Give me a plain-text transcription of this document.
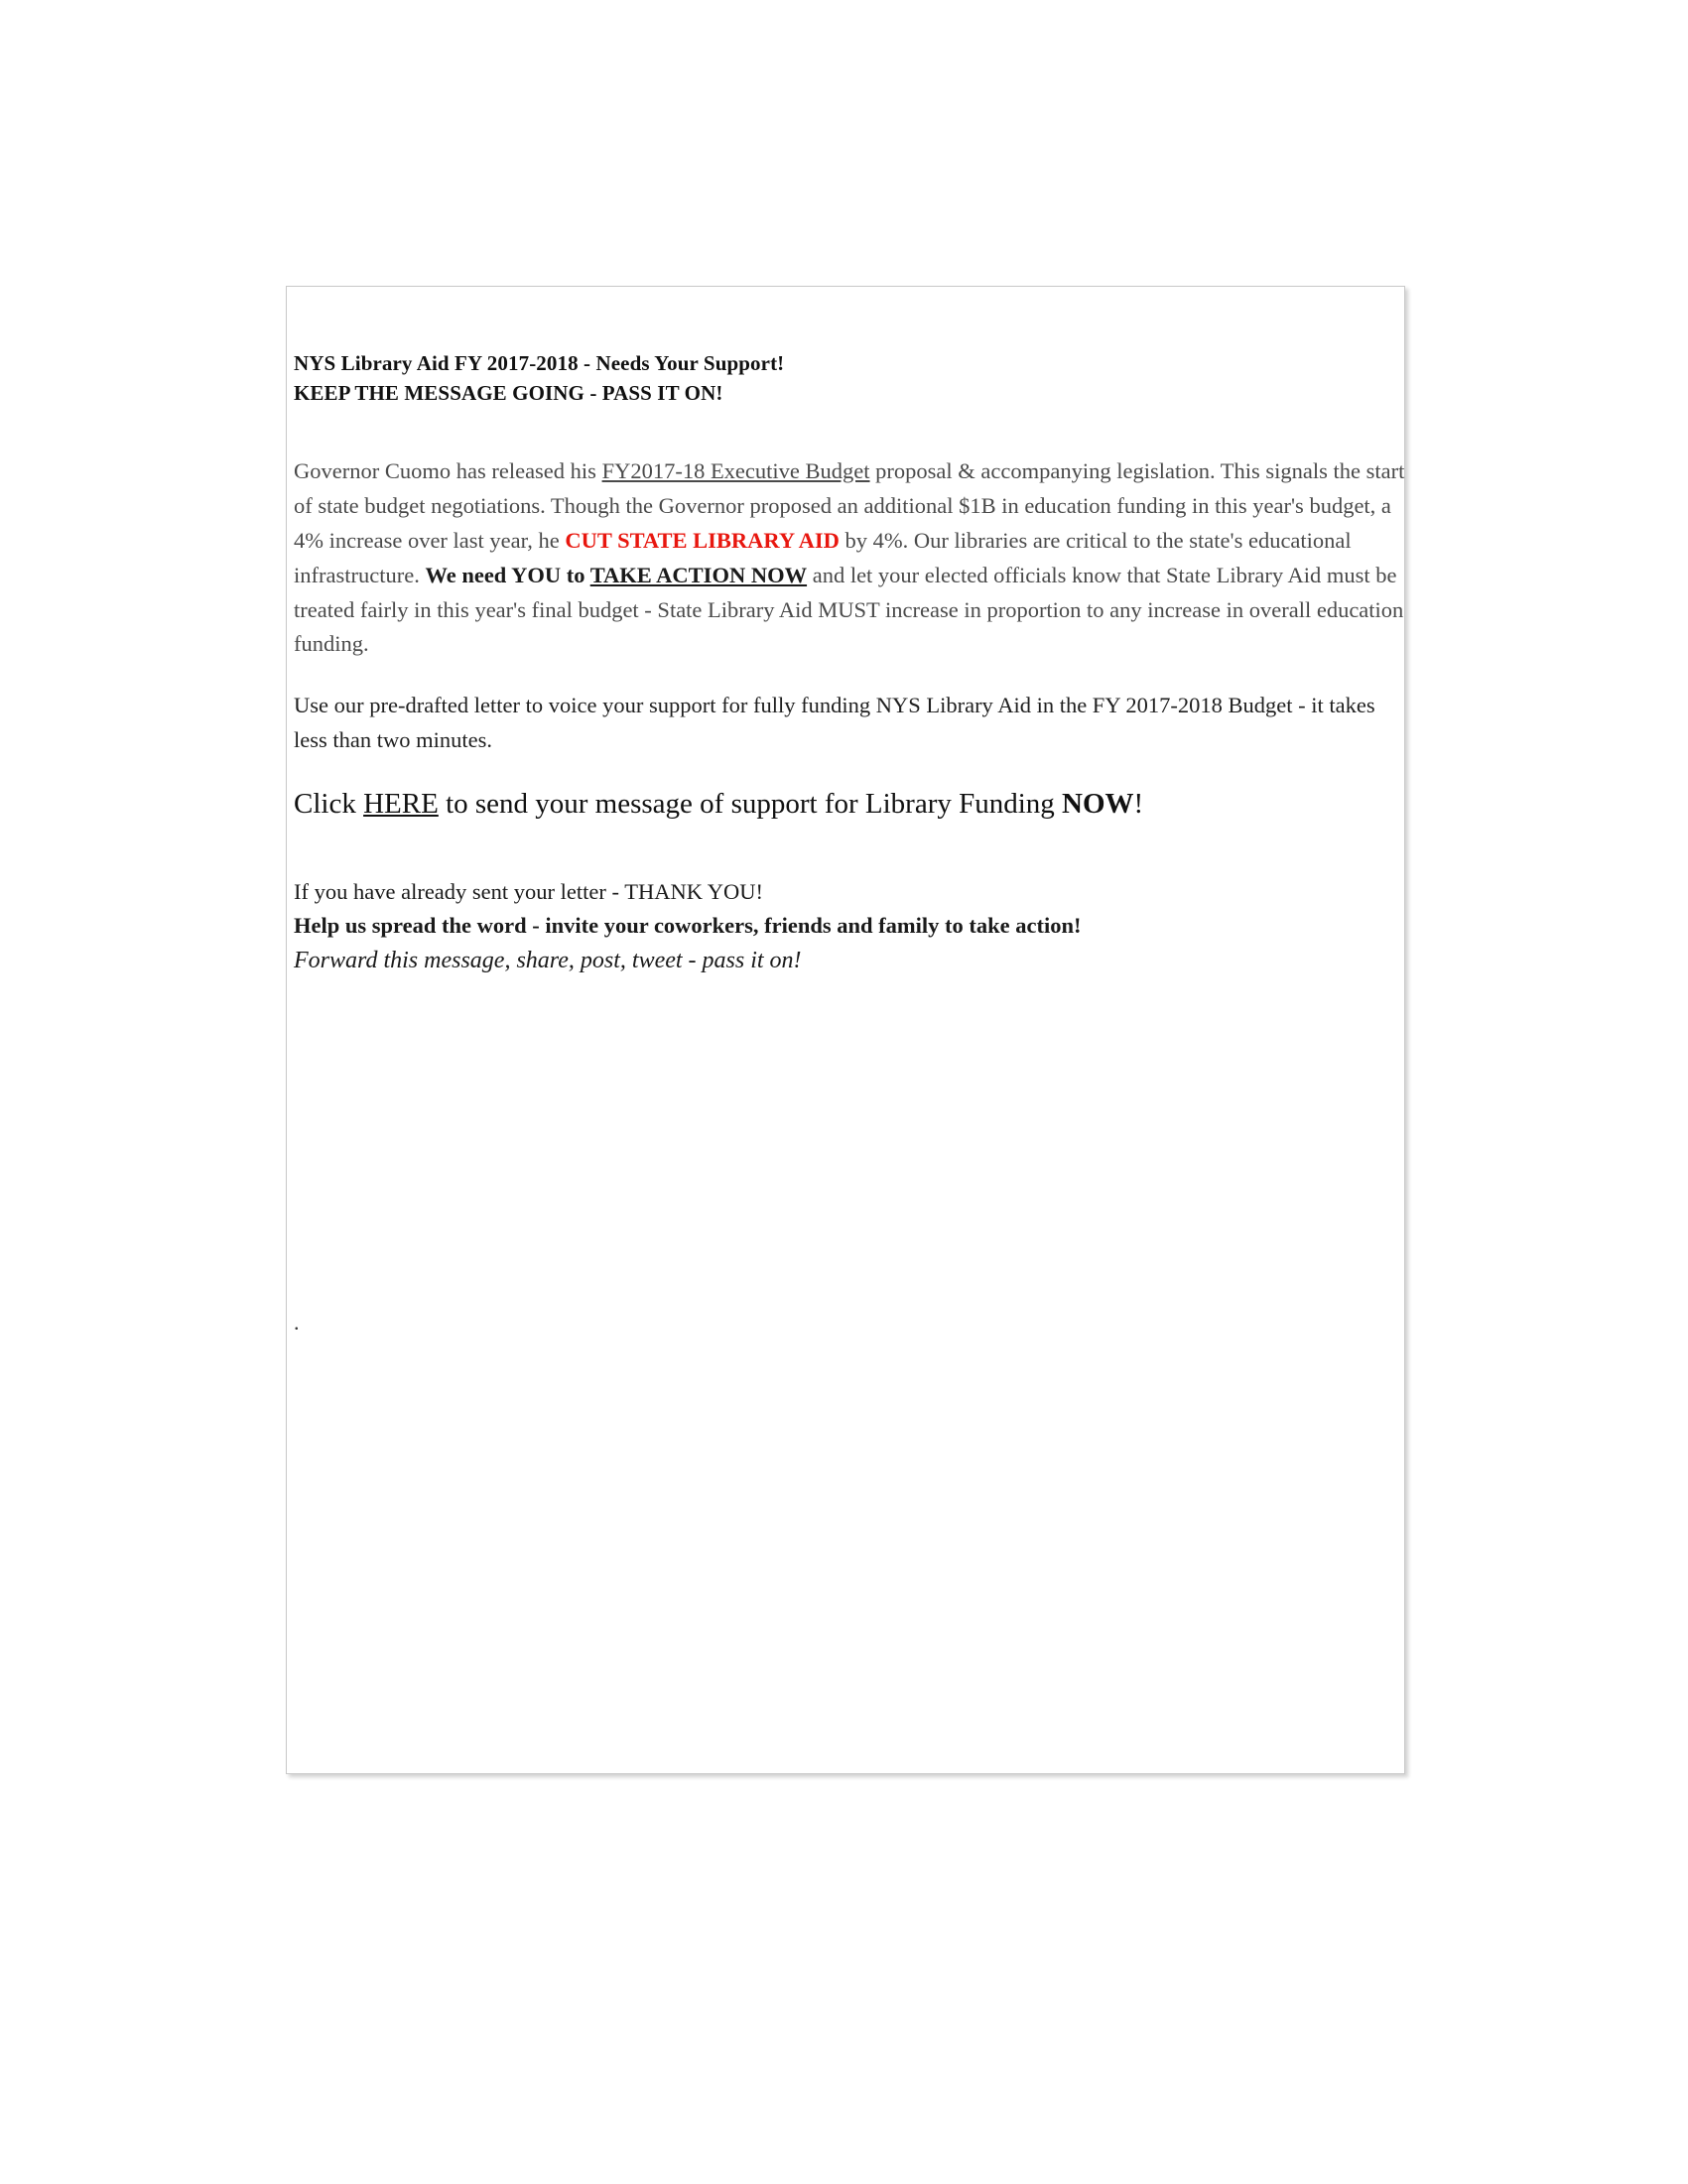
NYS Library Aid FY 2017-2018 - Needs Your Support!
KEEP THE MESSAGE GOING - PASS IT ON!

Governor Cuomo has released his FY2017-18 Executive Budget proposal & accompanying legislation. This signals the start of state budget negotiations. Though the Governor proposed an additional $1B in education funding in this year's budget, a 4% increase over last year, he CUT STATE LIBRARY AID by 4%. Our libraries are critical to the state's educational infrastructure. We need YOU to TAKE ACTION NOW and let your elected officials know that State Library Aid must be treated fairly in this year's final budget - State Library Aid MUST increase in proportion to any increase in overall education funding.

Use our pre-drafted letter to voice your support for fully funding NYS Library Aid in the FY 2017-2018 Budget - it takes less than two minutes.

Click HERE to send your message of support for Library Funding NOW!

If you have already sent your letter - THANK YOU!
Help us spread the word - invite your coworkers, friends and family to take action!
Forward this message, share, post, tweet - pass it on!
.
